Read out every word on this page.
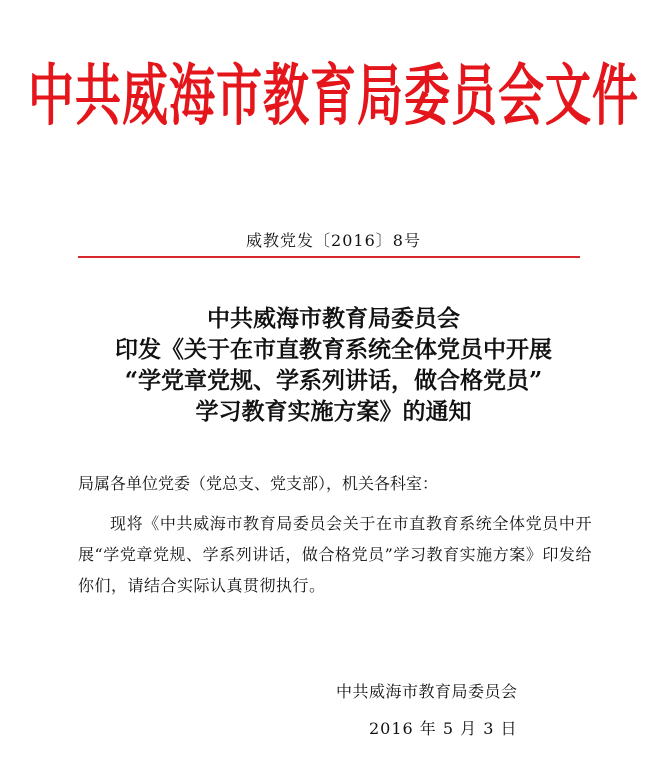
中共威海市教育局委员会文件
威教党发〔2016〕8号
中共威海市教育局委员会
印发《关于在市直教育系统全体党员中开展
“学党章党规、学系列讲话，做合格党员”
学习教育实施方案》的通知
局属各单位党委（党总支、党支部），机关各科室：
现将《中共威海市教育局委员会关于在市直教育系统全体党员中开展“学党章党规、学系列讲话，做合格党员”学习教育实施方案》印发给你们，请结合实际认真贯彻执行。
中共威海市教育局委员会
2016 年 5 月 3 日
